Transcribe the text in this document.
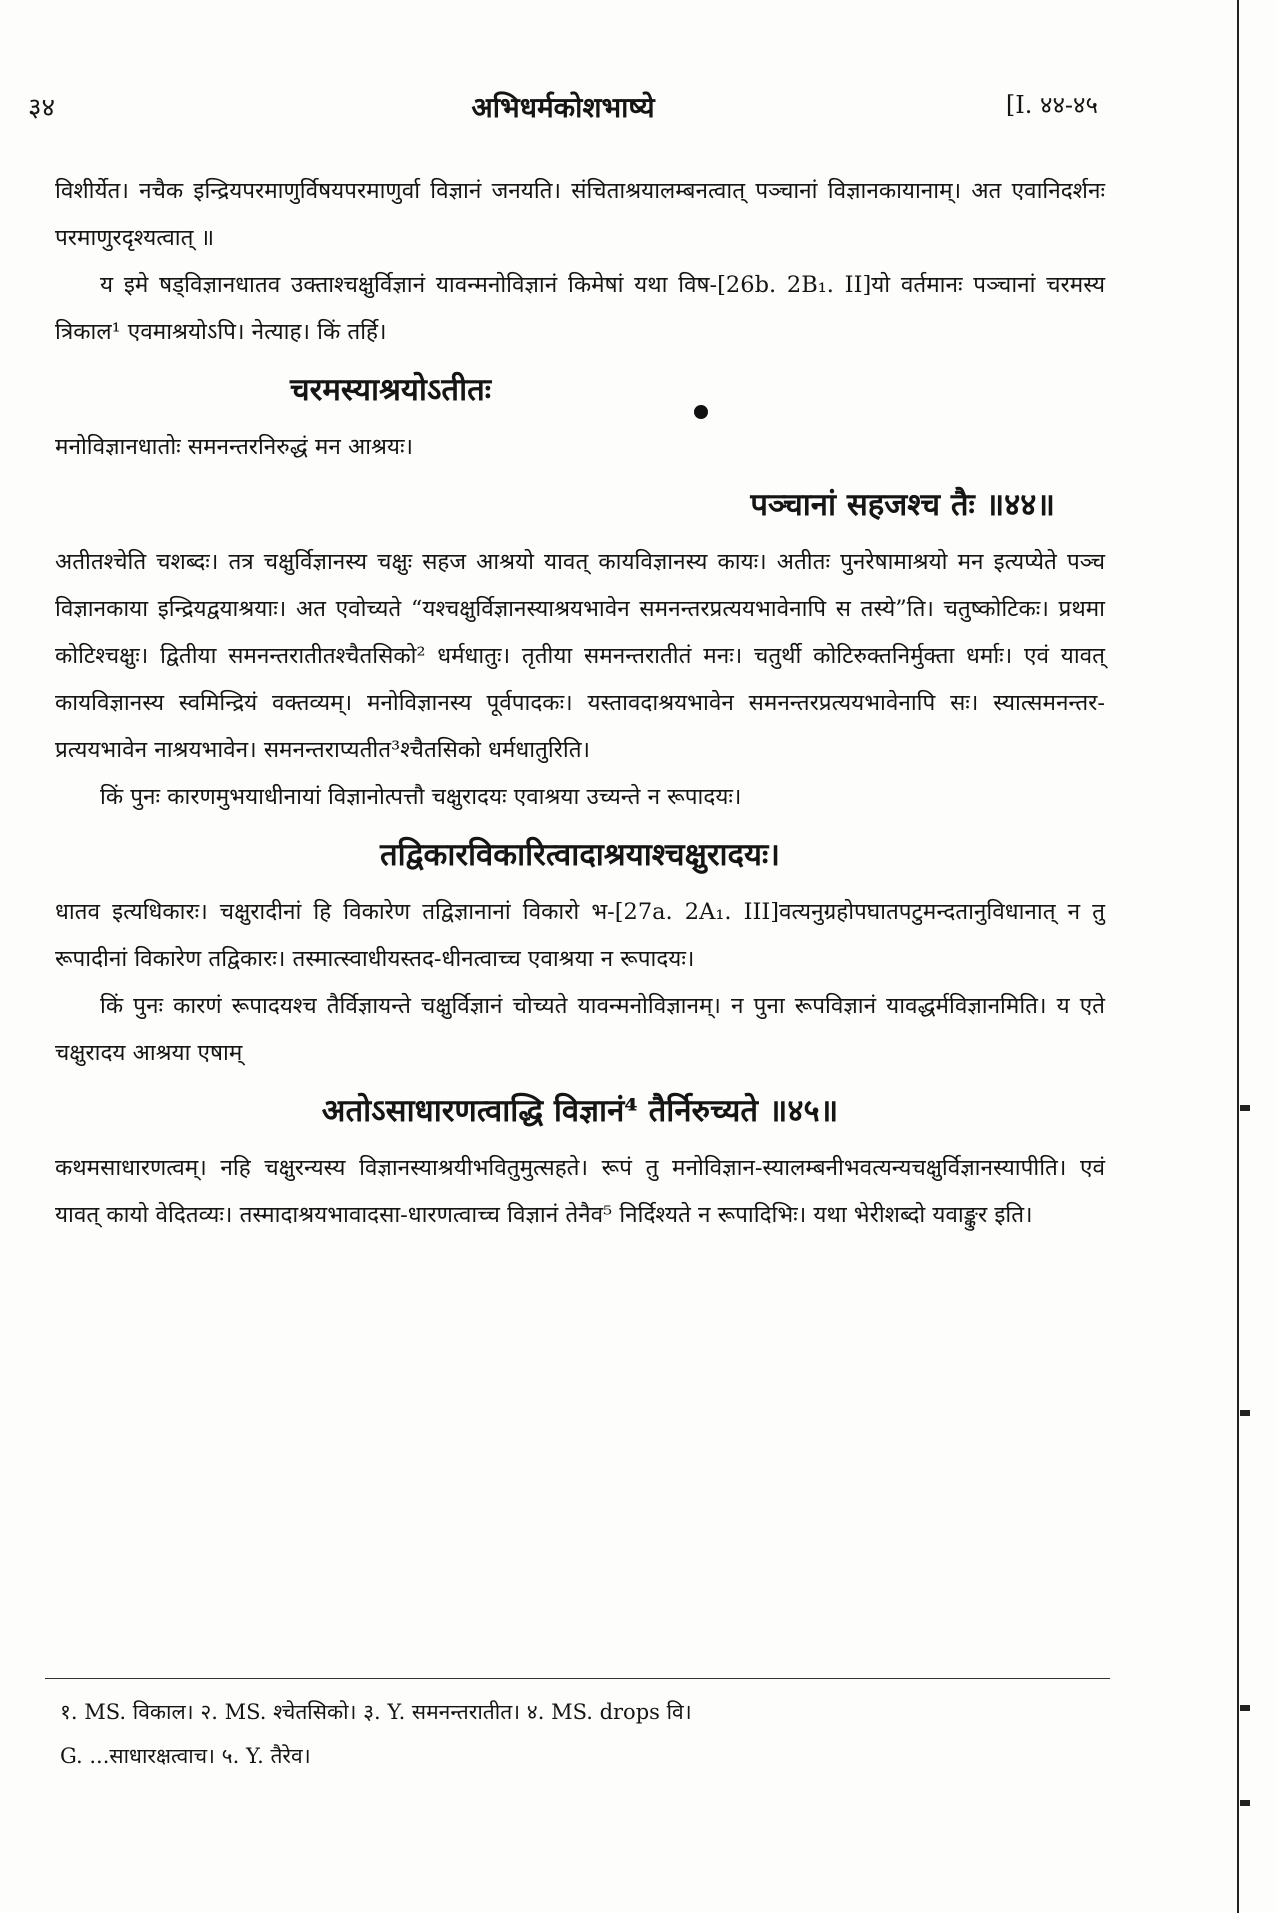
३४	अभिधर्मकोशभाष्ये	[I. ४४-४५

विशीर्येत। नचैक इन्द्रियपरमाणुर्विषयपरमाणुर्वा विज्ञानं जनयति। संचिताश्रयालम्बनत्वात् पञ्चानां विज्ञानकायानाम्। अत एवानिदर्शनः परमाणुरदृश्यत्वात् ॥

य इमे षड्विज्ञानधातव उक्ताश्चक्षुर्विज्ञानं यावन्मनोविज्ञानं किमेषां यथा विष-[26b. 2B₁. II]यो वर्तमानः पञ्चानां चरमस्य त्रिकाल¹ एवमाश्रयोऽपि। नेत्याह। किं तर्हि।

चरमस्याश्रयोऽतीतः

मनोविज्ञानधातोः समनन्तरनिरुद्धं मन आश्रयः।

पञ्चानां सहजश्च तैः ॥४४॥

अतीतश्चेति चशब्दः। तत्र चक्षुर्विज्ञानस्य चक्षुः सहज आश्रयो यावत् कायविज्ञानस्य कायः। अतीतः पुनरेषामाश्रयो मन इत्यप्येते पञ्च विज्ञानकाया इन्द्रियद्वयाश्रयाः। अत एवोच्यते “यश्चक्षुर्विज्ञानस्याश्रयभावेन समनन्तरप्रत्ययभावेनापि स तस्ये”ति। चतुष्कोटिकः। प्रथमा कोटिश्चक्षुः। द्वितीया समनन्तरातीतश्चैतसिको² धर्मधातुः। तृतीया समनन्तरातीतं मनः। चतुर्थी कोटिरुक्तनिर्मुक्ता धर्माः। एवं यावत् कायविज्ञानस्य स्वमिन्द्रियं वक्तव्यम्। मनोविज्ञानस्य पूर्वपादकः। यस्तावदाश्रयभावेन समनन्तरप्रत्ययभावेनापि सः। स्यात्समनन्तर-प्रत्ययभावेन नाश्रयभावेन। समनन्तराप्यतीत³श्चैतसिको धर्मधातुरिति।

किं पुनः कारणमुभयाधीनायां विज्ञानोत्पत्तौ चक्षुरादयः एवाश्रया उच्यन्ते न रूपादयः।

तद्विकारविकारित्वादाश्रयाश्चक्षुरादयः।

धातव इत्यधिकारः। चक्षुरादीनां हि विकारेण तद्विज्ञानानां विकारो भ-[27a. 2A₁. III]वत्यनुग्रहोपघातपटुमन्दतानुविधानात् न तु रूपादीनां विकारेण तद्विकारः। तस्मात्स्वाधीयस्तद-धीनत्वाच्च एवाश्रया न रूपादयः।

किं पुनः कारणं रूपादयश्च तैर्विज्ञायन्ते चक्षुर्विज्ञानं चोच्यते यावन्मनोविज्ञानम्। न पुना रूपविज्ञानं यावद्धर्मविज्ञानमिति। य एते चक्षुरादय आश्रया एषाम्

अतोऽसाधारणत्वाद्धि विज्ञानं⁴ तैर्निरुच्यते ॥४५॥

कथमसाधारणत्वम्। नहि चक्षुरन्यस्य विज्ञानस्याश्रयीभवितुमुत्सहते। रूपं तु मनोविज्ञान-स्यालम्बनीभवत्यन्यचक्षुर्विज्ञानस्यापीति। एवं यावत् कायो वेदितव्यः। तस्मादाश्रयभावादसा-धारणत्वाच्च विज्ञानं तेनैव⁵ निर्दिश्यते न रूपादिभिः। यथा भेरीशब्दो यवाङ्कुर इति।

१. MS. विकाल। २. MS. श्चेतसिको। ३. Y. समनन्तरातीत। ४. MS. drops वि।

G. ...साधारक्षत्वाच। ५. Y. तैरेव।
